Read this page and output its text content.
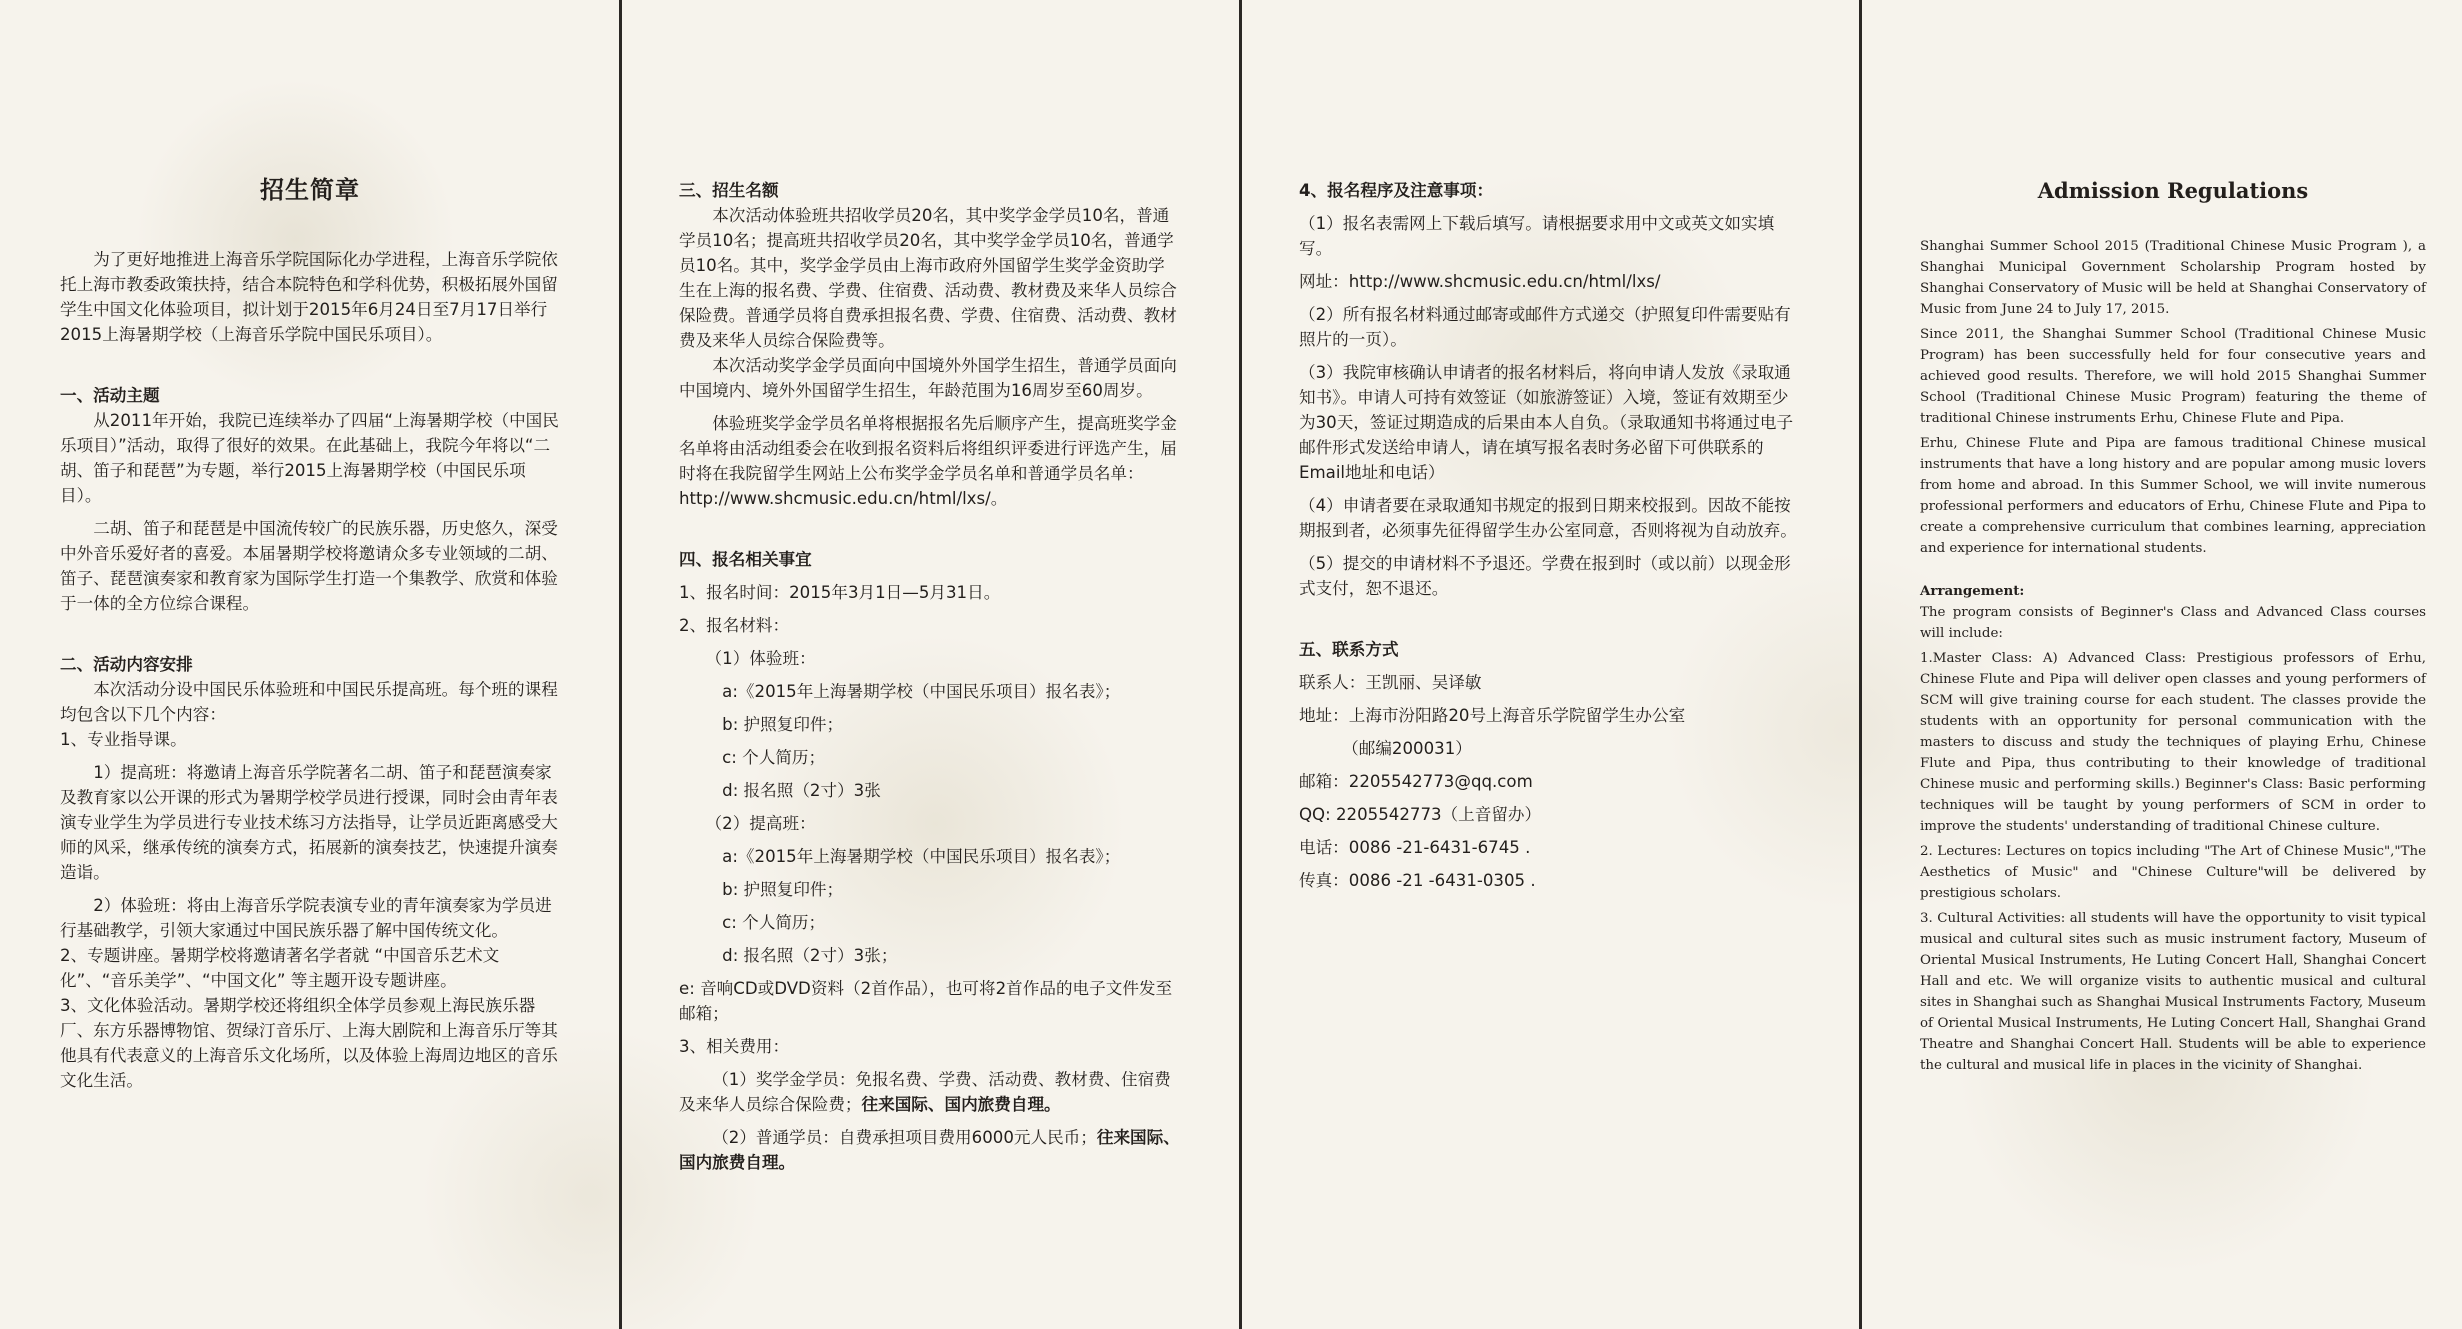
招生简章

为了更好地推进上海音乐学院国际化办学进程，上海音乐学院依托上海市教委政策扶持，结合本院特色和学科优势，积极拓展外国留学生中国文化体验项目，拟计划于2015年6月24日至7月17日举行2015上海暑期学校（上海音乐学院中国民乐项目）。

一、活动主题

从2011年开始，我院已连续举办了四届“上海暑期学校（中国民乐项目）”活动，取得了很好的效果。在此基础上，我院今年将以“二胡、笛子和琵琶”为专题，举行2015上海暑期学校（中国民乐项目）。

二胡、笛子和琵琶是中国流传较广的民族乐器，历史悠久，深受中外音乐爱好者的喜爱。本届暑期学校将邀请众多专业领域的二胡、笛子、琵琶演奏家和教育家为国际学生打造一个集教学、欣赏和体验于一体的全方位综合课程。

二、活动内容安排

本次活动分设中国民乐体验班和中国民乐提高班。每个班的课程均包含以下几个内容：

1、专业指导课。

1）提高班：将邀请上海音乐学院著名二胡、笛子和琵琶演奏家及教育家以公开课的形式为暑期学校学员进行授课，同时会由青年表演专业学生为学员进行专业技术练习方法指导，让学员近距离感受大师的风采，继承传统的演奏方式，拓展新的演奏技艺，快速提升演奏造诣。

2）体验班：将由上海音乐学院表演专业的青年演奏家为学员进行基础教学，引领大家通过中国民族乐器了解中国传统文化。

2、专题讲座。暑期学校将邀请著名学者就 “中国音乐艺术文化”、“音乐美学”、“中国文化” 等主题开设专题讲座。

3、文化体验活动。暑期学校还将组织全体学员参观上海民族乐器厂、东方乐器博物馆、贺绿汀音乐厅、上海大剧院和上海音乐厅等其他具有代表意义的上海音乐文化场所，以及体验上海周边地区的音乐文化生活。

三、招生名额

本次活动体验班共招收学员20名，其中奖学金学员10名，普通学员10名；提高班共招收学员20名，其中奖学金学员10名，普通学员10名。其中，奖学金学员由上海市政府外国留学生奖学金资助学生在上海的报名费、学费、住宿费、活动费、教材费及来华人员综合保险费。普通学员将自费承担报名费、学费、住宿费、活动费、教材费及来华人员综合保险费等。

本次活动奖学金学员面向中国境外外国学生招生，普通学员面向中国境内、境外外国留学生招生，年龄范围为16周岁至60周岁。

体验班奖学金学员名单将根据报名先后顺序产生，提高班奖学金名单将由活动组委会在收到报名资料后将组织评委进行评选产生，届时将在我院留学生网站上公布奖学金学员名单和普通学员名单：http://www.shcmusic.edu.cn/html/lxs/。

四、报名相关事宜

1、报名时间：2015年3月1日—5月31日。

2、报名材料：

（1）体验班：

a:《2015年上海暑期学校（中国民乐项目）报名表》；

b: 护照复印件；

c: 个人简历；

d: 报名照（2寸）3张

（2）提高班：

a:《2015年上海暑期学校（中国民乐项目）报名表》；

b: 护照复印件；

c: 个人简历；

d: 报名照（2寸）3张；

e: 音响CD或DVD资料（2首作品），也可将2首作品的电子文件发至邮箱；

3、相关费用：

（1）奖学金学员：免报名费、学费、活动费、教材费、住宿费及来华人员综合保险费；往来国际、国内旅费自理。

（2）普通学员：自费承担项目费用6000元人民币；往来国际、国内旅费自理。

4、报名程序及注意事项：

（1）报名表需网上下载后填写。请根据要求用中文或英文如实填写。

网址：http://www.shcmusic.edu.cn/html/lxs/

（2）所有报名材料通过邮寄或邮件方式递交（护照复印件需要贴有照片的一页）。

（3）我院审核确认申请者的报名材料后，将向申请人发放《录取通知书》。申请人可持有效签证（如旅游签证）入境，签证有效期至少为30天，签证过期造成的后果由本人自负。（录取通知书将通过电子邮件形式发送给申请人，请在填写报名表时务必留下可供联系的Email地址和电话）

（4）申请者要在录取通知书规定的报到日期来校报到。因故不能按期报到者，必须事先征得留学生办公室同意，否则将视为自动放弃。

（5）提交的申请材料不予退还。学费在报到时（或以前）以现金形式支付，恕不退还。

五、联系方式

联系人：王凯丽、吴译敏

地址：上海市汾阳路20号上海音乐学院留学生办公室

（邮编200031）

邮箱：2205542773@qq.com

QQ: 2205542773（上音留办）

电话：0086 -21-6431-6745 .

传真：0086 -21 -6431-0305 .

Admission Regulations

Shanghai Summer School 2015 (Traditional Chinese Music Program ), a Shanghai Municipal Government Scholarship Program hosted by Shanghai Conservatory of Music will be held at Shanghai Conservatory of Music from June 24 to July 17, 2015.

Since 2011, the Shanghai Summer School (Traditional Chinese Music Program) has been successfully held for four consecutive years and achieved good results. Therefore, we will hold 2015 Shanghai Summer School (Traditional Chinese Music Program) featuring the theme of traditional Chinese instruments Erhu, Chinese Flute and Pipa.

Erhu, Chinese Flute and Pipa are famous traditional Chinese musical instruments that have a long history and are popular among music lovers from home and abroad. In this Summer School, we will invite numerous professional performers and educators of Erhu, Chinese Flute and Pipa to create a comprehensive curriculum that combines learning, appreciation and experience for international students.

Arrangement:

The program consists of Beginner's Class and Advanced Class courses will include:

1.Master Class: A) Advanced Class: Prestigious professors of Erhu, Chinese Flute and Pipa will deliver open classes and young performers of SCM will give training course for each student. The classes provide the students with an opportunity for personal communication with the masters to discuss and study the techniques of playing Erhu, Chinese Flute and Pipa, thus contributing to their knowledge of traditional Chinese music and performing skills.) Beginner's Class: Basic performing techniques will be taught by young performers of SCM in order to improve the students' understanding of traditional Chinese culture.

2. Lectures: Lectures on topics including "The Art of Chinese Music","The Aesthetics of Music" and "Chinese Culture"will be delivered by prestigious scholars.

3. Cultural Activities: all students will have the opportunity to visit typical musical and cultural sites such as music instrument factory, Museum of Oriental Musical Instruments, He Luting Concert Hall, Shanghai Concert Hall and etc. We will organize visits to authentic musical and cultural sites in Shanghai such as Shanghai Musical Instruments Factory, Museum of Oriental Musical Instruments, He Luting Concert Hall, Shanghai Grand Theatre and Shanghai Concert Hall. Students will be able to experience the cultural and musical life in places in the vicinity of Shanghai.
